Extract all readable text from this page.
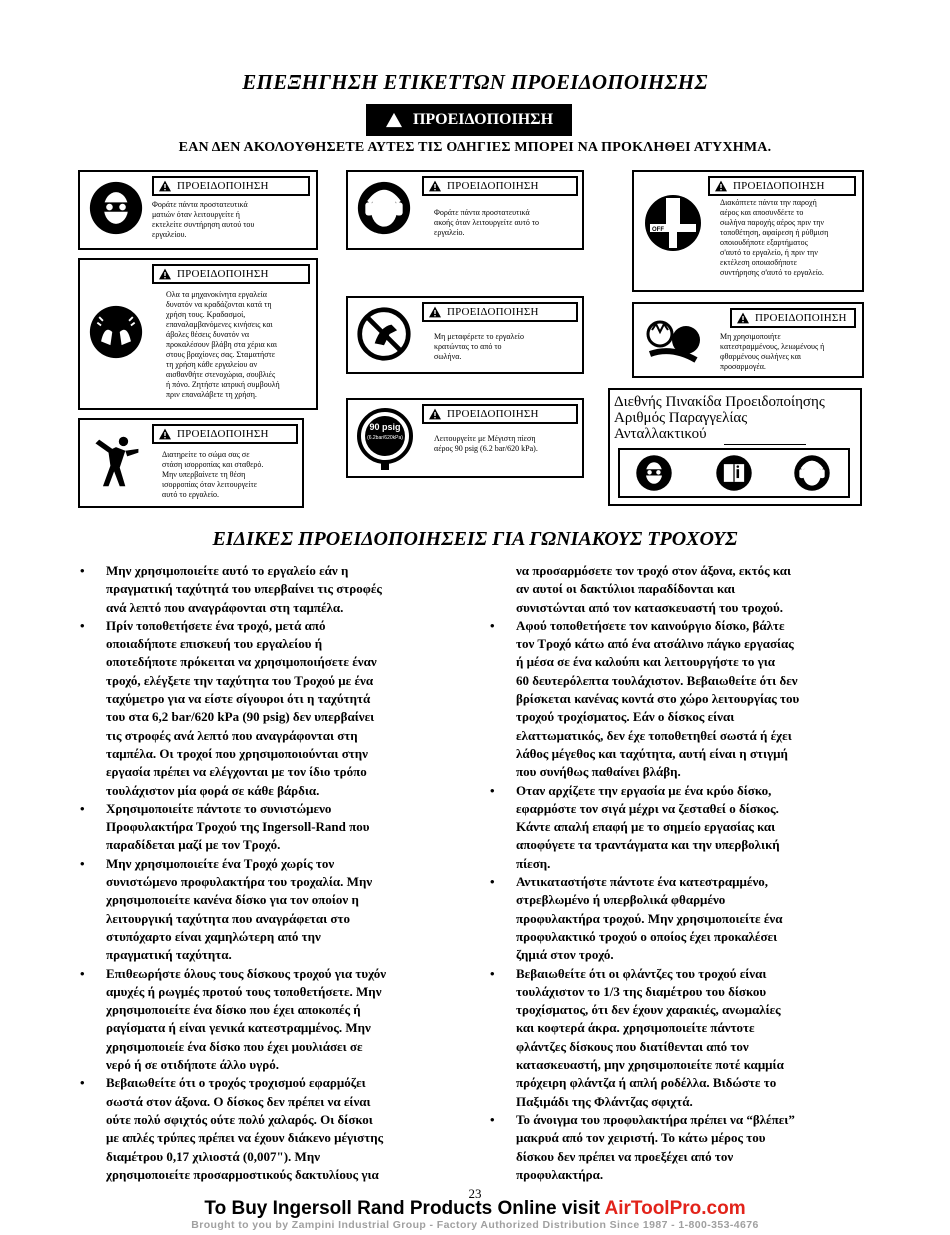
ΕΠΕΞΗΓΗΣΗ ΕΤΙΚΕΤΤΩΝ ΠΡΟΕΙΔΟΠΟΙΗΣΗΣ
ΠΡΟΕΙΔΟΠΟΙΗΣΗ
ΕΑΝ ΔΕΝ ΑΚΟΛΟΥΘΗΣΕΤΕ ΑΥΤΕΣ ΤΙΣ ΟΔΗΓΙΕΣ ΜΠΟΡΕΙ ΝΑ ΠΡΟΚΛΗΘΕΙ ΑΤΥΧΗΜΑ.
ΠΡΟΕΙΔΟΠΟΙΗΣΗ
Φοράτε πάντα προστατευτικά
ματιών όταν λειτουργείτε ή
εκτελείτε συντήρηση αυτού του
εργαλείου.
ΠΡΟΕΙΔΟΠΟΙΗΣΗ
Ολα τα μηχανοκίνητα εργαλεία
δυνατόν να κραδάζονται κατά τη
χρήση τους. Κραδασμοί,
επαναλαμβανόμενες κινήσεις και
άβολες θέσεις δυνατόν να
προκαλέσουν βλάβη στα χέρια και
στους βραχίονες σας. Σταματήστε
τη χρήση κάθε εργαλείου αν
αισθανθήτε στενοχώρια, σουβλιές
ή πόνο. Ζητήστε ιατρική συμβουλή
πριν επαναλάβετε τη χρήση.
ΠΡΟΕΙΔΟΠΟΙΗΣΗ
Διατηρείτε το σώμα σας σε
στάση ισορροπίας και σταθερό.
Μην υπερβαίνετε τη θέση
ισορροπίας όταν λειτουργείτε
αυτό το εργαλείο.
ΠΡΟΕΙΔΟΠΟΙΗΣΗ
Φοράτε πάντα προστατευτικά
ακοής όταν λειτουργείτε αυτό το
εργαλείο.
ΠΡΟΕΙΔΟΠΟΙΗΣΗ
Μη μεταφέρετε το εργαλείο
κρατώντας το από το
σωλήνα.
90 psig
(6.2bar/620kPa)
ΠΡΟΕΙΔΟΠΟΙΗΣΗ
Λειτουργείτε με Μέγιστη πίεση
αέρος 90 psig (6.2 bar/620 kPa).
OFF
ΠΡΟΕΙΔΟΠΟΙΗΣΗ
Διακόπτετε πάντα την παροχή
αέρος και αποσυνδέετε το
σωλήνα παροχής αέρος πριν την
τοποθέτηση, αφαίρεση ή ρύθμιση
οποιουδήποτε εξαρτήματος
σ'αυτό το εργαλείο, ή πριν την
εκτέλεση οποιασδήποτε
συντήρησης σ'αυτό το εργαλείο.
ΠΡΟΕΙΔΟΠΟΙΗΣΗ
Μη χρησιμοποιήτε
κατεστραμμένους, λειωμένους ή
φθαρμένους σωλήνες και
προσαρμογέα.
Διεθνής Πινακίδα Προειδοποίησης
Αριθμός Παραγγελίας
Ανταλλακτικού
ΕΙΔΙΚΕΣ ΠΡΟΕΙΔΟΠΟΙΗΣΕΙΣ ΓΙΑ ΓΩΝΙΑΚΟΥΣ ΤΡΟΧΟΥΣ
• Μην χρησιμοποιείτε αυτό το εργαλείο εάν η
πραγματική ταχύτητά του υπερβαίνει τις στροφές
ανά λεπτό που αναγράφονται στη ταμπέλα.
• Πρίν τοποθετήσετε ένα τροχό, μετά από
οποιαδήποτε επισκευή του εργαλείου ή
οποτεδήποτε πρόκειται να χρησιμοποιήσετε έναν
τροχό, ελέγξετε την ταχύτητα του Τροχού με ένα
ταχύμετρο για να είστε σίγουροι ότι η ταχύτητά
του στα 6,2 bar/620 kPa (90 psig) δεν υπερβαίνει
τις στροφές ανά λεπτό που αναγράφονται στη
ταμπέλα. Οι τροχοί που χρησιμοποιούνται στην
εργασία πρέπει να ελέγχονται με τον ίδιο τρόπο
τουλάχιστον μία φορά σε κάθε βάρδια.
• Χρησιμοποιείτε πάντοτε το συνιστώμενο
Προφυλακτήρα Τροχού της Ingersoll-Rand που
παραδίδεται μαζί με τον Τροχό.
• Μην χρησιμοποιείτε ένα Τροχό χωρίς τον
συνιστώμενο προφυλακτήρα του τροχαλία. Μην
χρησιμοποιείτε κανένα δίσκο για τον οποίον η
λειτουργική ταχύτητα που αναγράφεται στο
στυπόχαρτο είναι χαμηλώτερη από την
πραγματική ταχύτητα.
• Επιθεωρήστε όλους τους δίσκους τροχού για τυχόν
αμυχές ή ρωγμές προτού τους τοποθετήσετε. Μην
χρησιμοποιείτε ένα δίσκο που έχει αποκοπές ή
ραγίσματα ή είναι γενικά κατεστραμμένος. Μην
χρησιμοποιείε ένα δίσκο που έχει μουλιάσει σε
νερό ή σε οτιδήποτε άλλο υγρό.
• Βεβαιωθείτε ότι ο τροχός τροχισμού εφαρμόζει
σωστά στον άξονα. Ο δίσκος δεν πρέπει να είναι
ούτε πολύ σφιχτός ούτε πολύ χαλαρός. Οι δίσκοι
με απλές τρύπες πρέπει να έχουν διάκενο μέγιστης
διαμέτρου 0,17 χιλιοστά (0,007"). Μην
χρησιμοποιείτε προσαρμοστικούς δακτυλίους για

να προσαρμόσετε τον τροχό στον άξονα, εκτός και

αν αυτοί οι δακτύλιοι παραδίδονται και

συνιστώνται από τον κατασκευαστή του τροχού.

• Αφού τοποθετήσετε τον καινούργιο δίσκο, βάλτε
τον Τροχό κάτω από ένα ατσάλινο πάγκο εργασίας
ή μέσα σε ένα καλούπι και λειτουργήστε το για
60 δευτερόλεπτα τουλάχιστον. Βεβαιωθείτε ότι δεν
βρίσκεται κανένας κοντά στο χώρο λειτουργίας του
τροχού τροχίσματος. Εάν ο δίσκος είναι
ελαττωματικός, δεν έχε τοποθετηθεί σωστά ή έχει
λάθος μέγεθος και ταχύτητα, αυτή είναι η στιγμή
που συνήθως παθαίνει βλάβη.
• Οταν αρχίζετε την εργασία με ένα κρύο δίσκο,
εφαρμόστε τον σιγά μέχρι να ζεσταθεί ο δίσκος.
Κάντε απαλή επαφή με το σημείο εργασίας και
αποφύγετε τα τραντάγματα και την υπερβολική
πίεση.
• Αντικαταστήστε πάντοτε ένα κατεστραμμένο,
στρεβλωμένο ή υπερβολικά φθαρμένο
προφυλακτήρα τροχού. Μην χρησιμοποιείτε ένα
προφυλακτικό τροχού ο οποίος έχει προκαλέσει
ζημιά στον τροχό.
• Βεβαιωθείτε ότι οι φλάντζες του τροχού είναι
τουλάχιστον το 1/3 της διαμέτρου του δίσκου
τροχίσματος, ότι δεν έχουν χαρακιές, ανωμαλίες
και κοφτερά άκρα. χρησιμοποιείτε πάντοτε
φλάντζες δίσκους που διατίθενται από τον
κατασκευαστή, μην χρησιμοποιείτε ποτέ καμμία
πρόχειρη φλάντζα ή απλή ροδέλλα. Βιδώστε το
Παξιμάδι της Φλάντζας σφιχτά.
• Το άνοιγμα του προφυλακτήρα πρέπει να “βλέπει”
μακρυά από τον χειριστή. Το κάτω μέρος του
δίσκου δεν πρέπει να προεξέχει από τον
προφυλακτήρα.
23
To Buy Ingersoll Rand Products Online visit AirToolPro.com
Brought to you by Zampini Industrial Group - Factory Authorized Distribution Since 1987 - 1-800-353-4676
